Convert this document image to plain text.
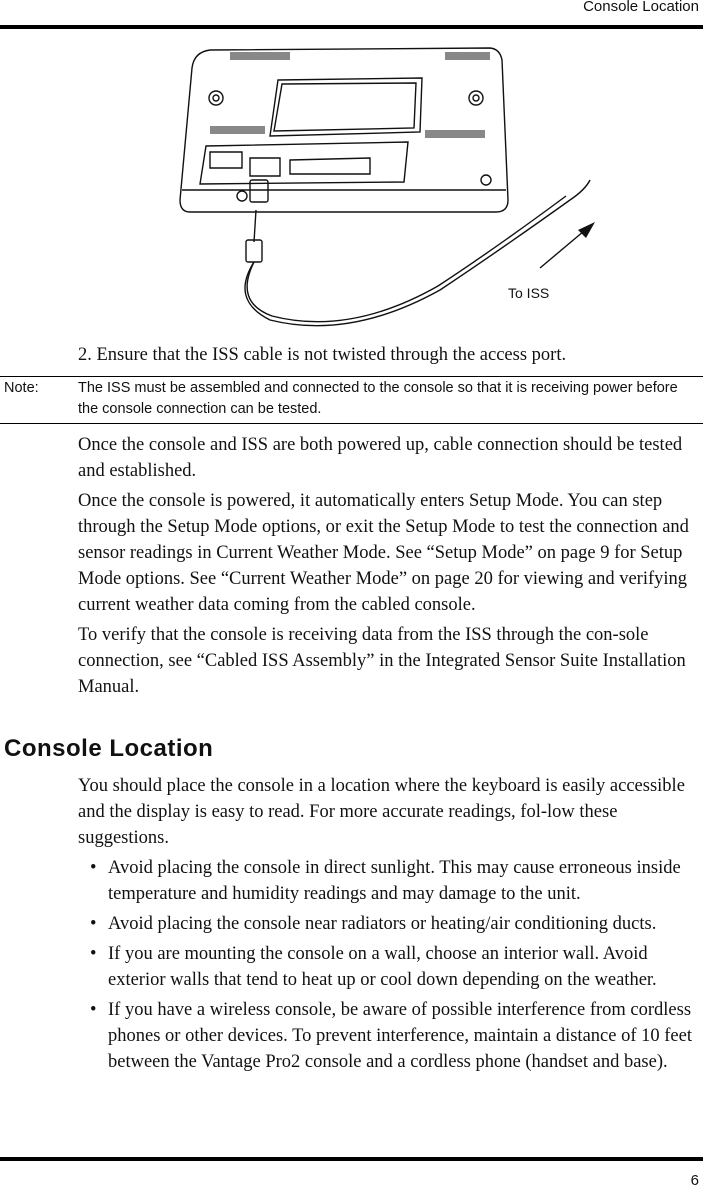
Console Location
To ISS
2. Ensure that the ISS cable is not twisted through the access port.
Note:	The ISS must be assembled and connected to the console so that it is receiving power before the console connection can be tested.

Once the console and ISS are both powered up, cable connection should be tested and established.

Once the console is powered, it automatically enters Setup Mode. You can step through the Setup Mode options, or exit the Setup Mode to test the connection and sensor readings in Current Weather Mode. See “Setup Mode” on page 9 for Setup Mode options. See “Current Weather Mode” on page 20 for viewing and verifying current weather data coming from the cabled console.

To verify that the console is receiving data from the ISS through the con-sole connection, see “Cabled ISS Assembly” in the Integrated Sensor Suite Installation Manual.

Console Location

You should place the console in a location where the keyboard is easily accessible and the display is easy to read. For more accurate readings, fol-low these suggestions.

• Avoid placing the console in direct sunlight. This may cause erroneous inside temperature and humidity readings and may damage to the unit.
• Avoid placing the console near radiators or heating/air conditioning ducts.
• If you are mounting the console on a wall, choose an interior wall. Avoid exterior walls that tend to heat up or cool down depending on the weather.
• If you have a wireless console, be aware of possible interference from cordless phones or other devices. To prevent interference, maintain a distance of 10 feet between the Vantage Pro2 console and a cordless phone (handset and base).
6
